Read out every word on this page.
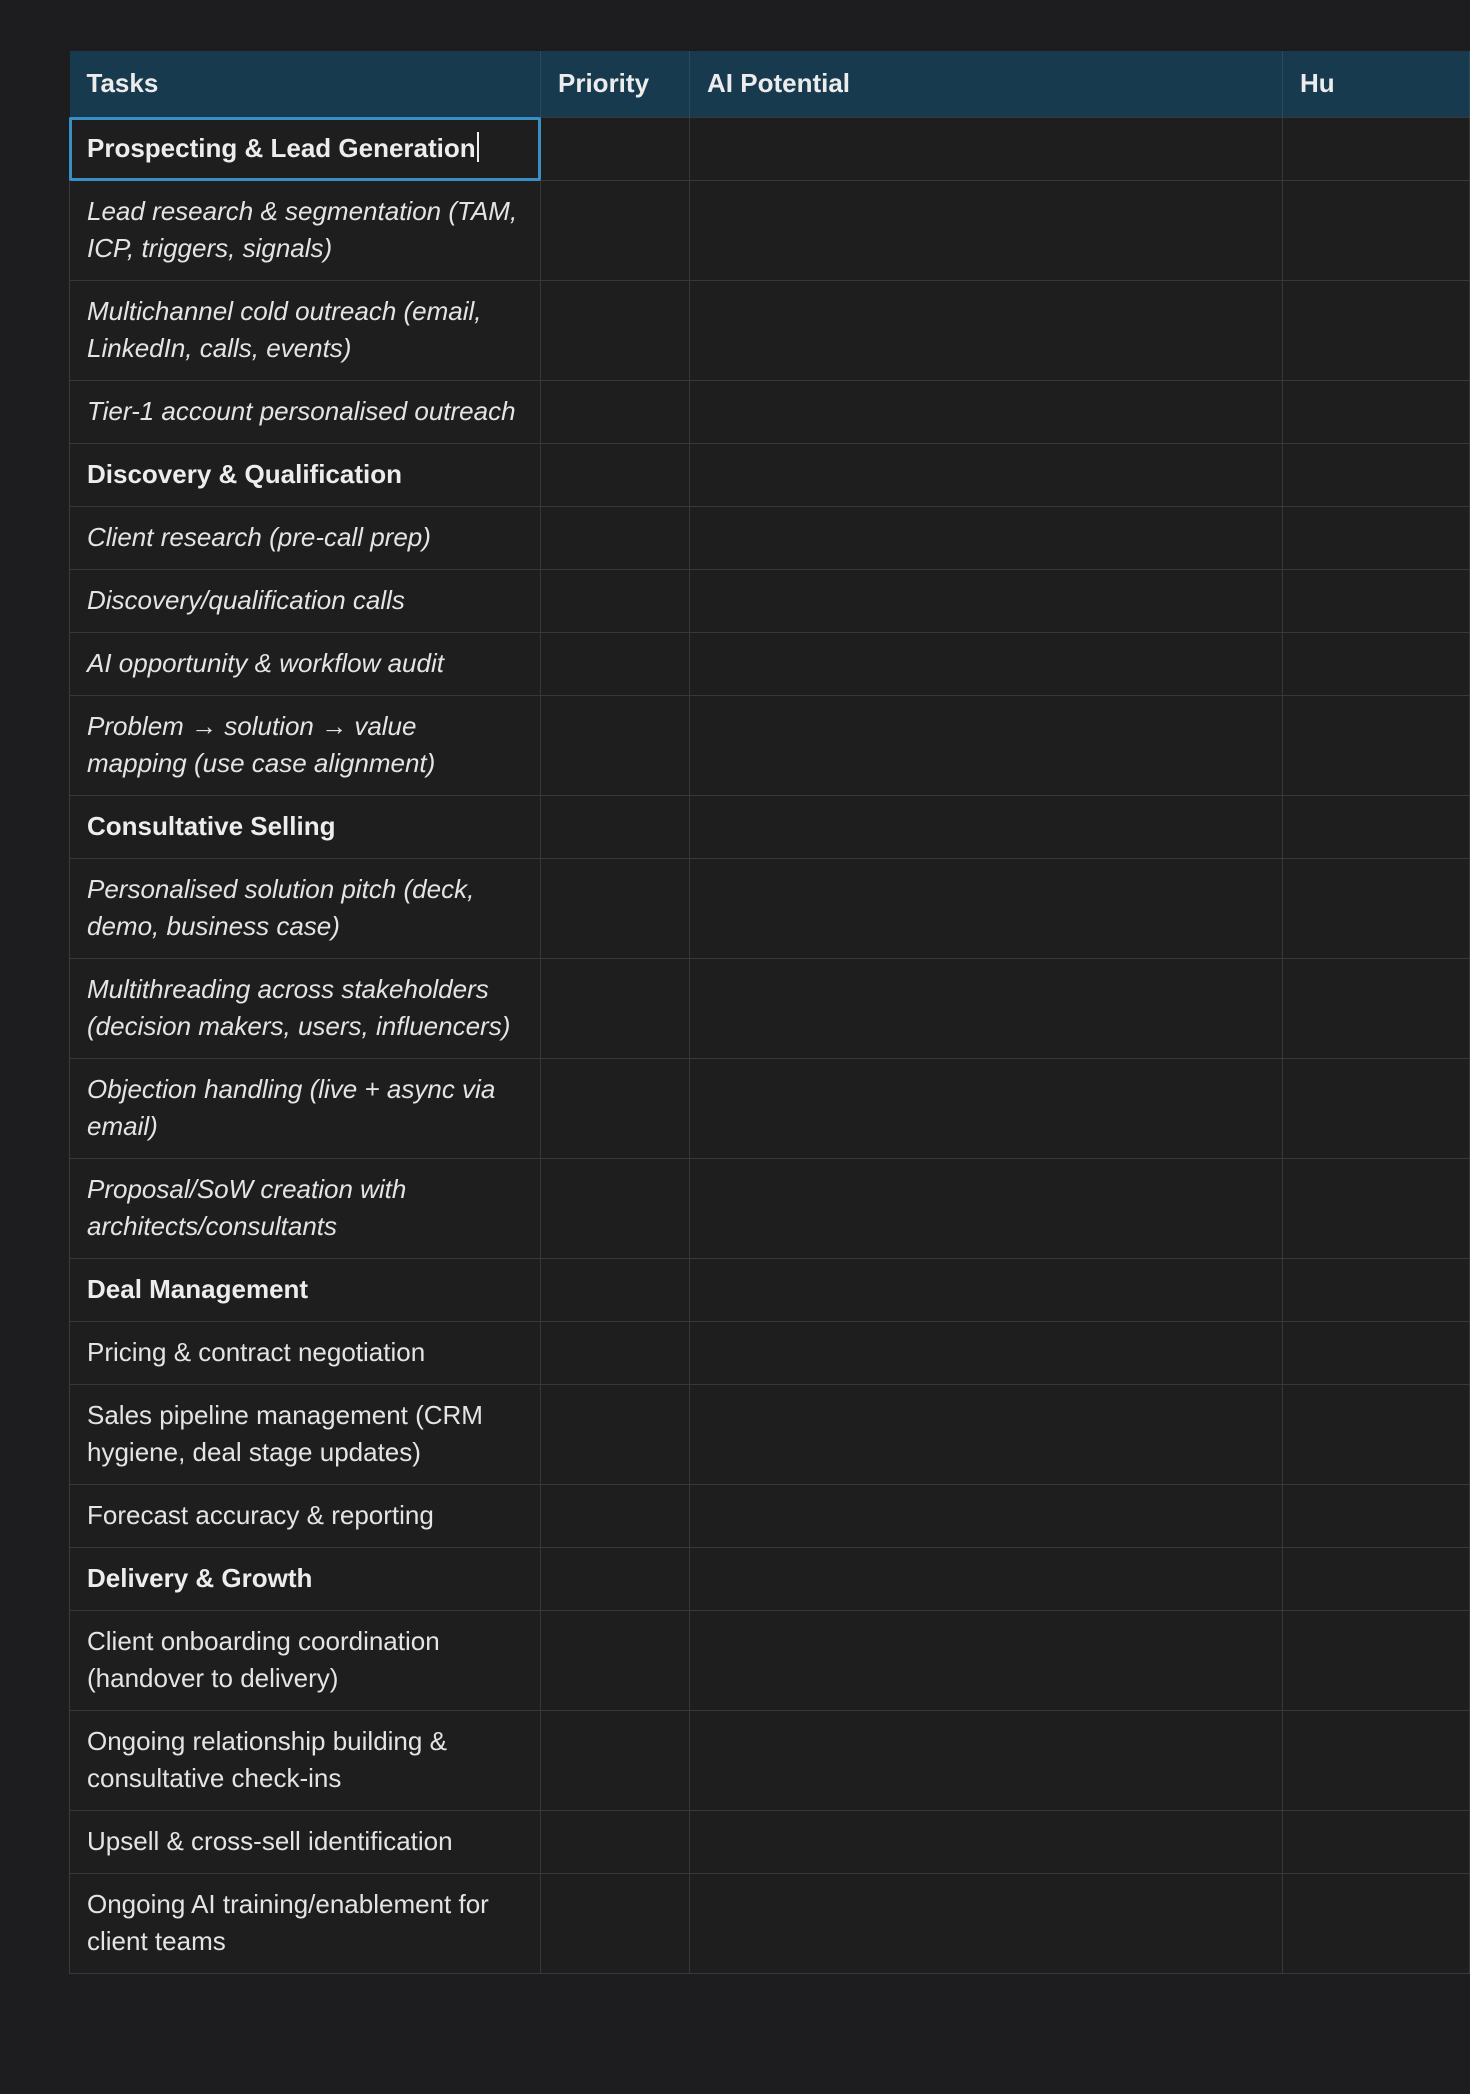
Tasks	Priority	AI Potential	Hu
Prospecting & Lead Generation			
Lead research & segmentation (TAM, ICP, triggers, signals)			
Multichannel cold outreach (email, LinkedIn, calls, events)			
Tier-1 account personalised outreach			
Discovery & Qualification			
Client research (pre-call prep)			
Discovery/qualification calls			
AI opportunity & workflow audit			
Problem → solution → value mapping (use case alignment)			
Consultative Selling			
Personalised solution pitch (deck, demo, business case)			
Multithreading across stakeholders (decision makers, users, influencers)			
Objection handling (live + async via email)			
Proposal/SoW creation with architects/consultants			
Deal Management			
Pricing & contract negotiation			
Sales pipeline management (CRM hygiene, deal stage updates)			
Forecast accuracy & reporting			
Delivery & Growth			
Client onboarding coordination (handover to delivery)			
Ongoing relationship building & consultative check-ins			
Upsell & cross-sell identification			
Ongoing AI training/enablement for client teams			
